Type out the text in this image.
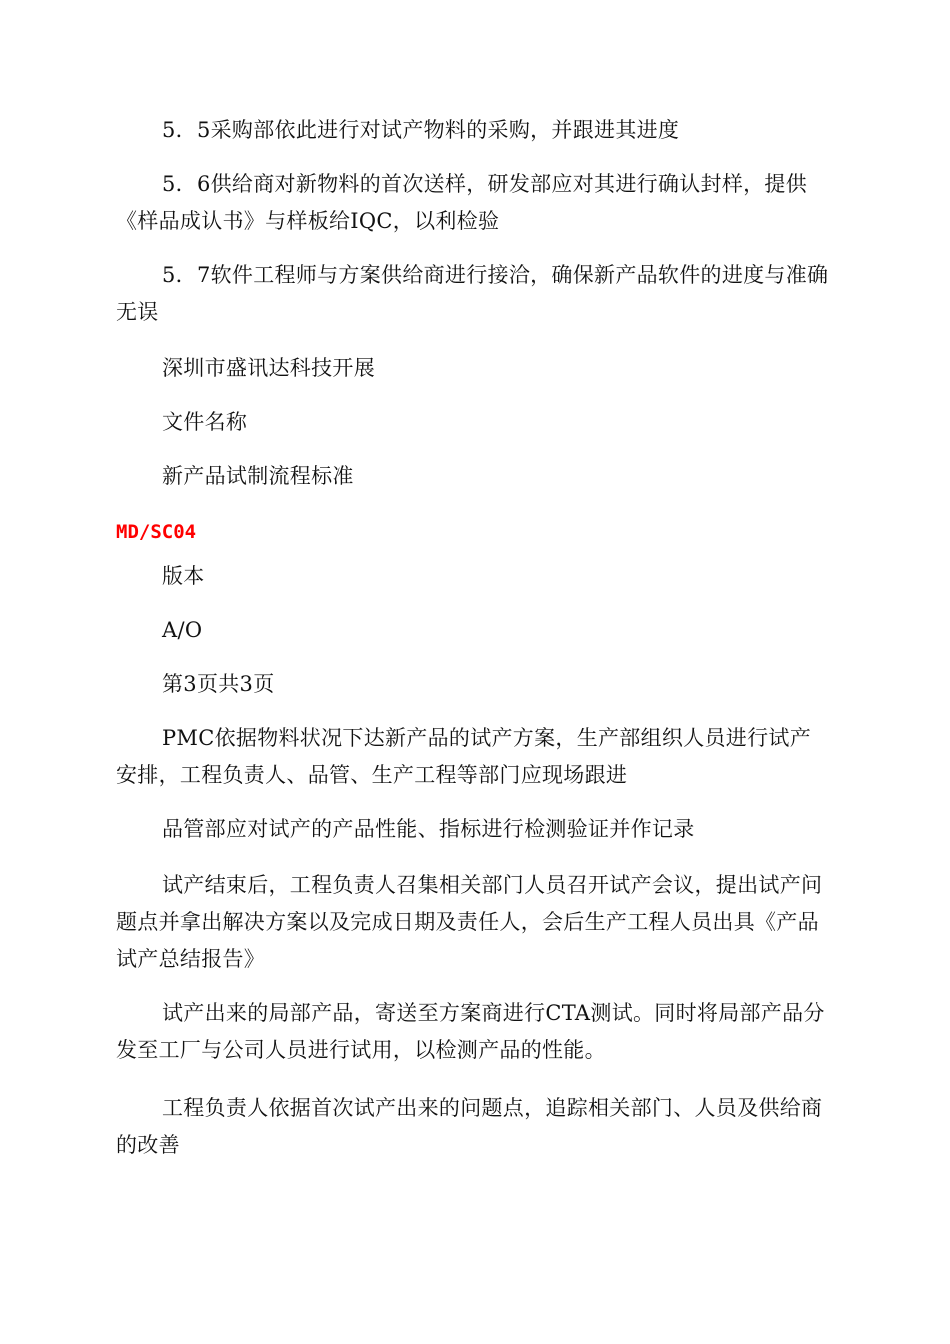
5．5采购部依此进行对试产物料的采购，并跟进其进度

5．6供给商对新物料的首次送样，研发部应对其进行确认封样，提供《样品成认书》与样板给IQC，以利检验

5．7软件工程师与方案供给商进行接洽，确保新产品软件的进度与准确无误

深圳市盛讯达科技开展

文件名称

新产品试制流程标准

MD/SC04

版本

A/O

第3页共3页

PMC依据物料状况下达新产品的试产方案，生产部组织人员进行试产安排，工程负责人、品管、生产工程等部门应现场跟进

品管部应对试产的产品性能、指标进行检测验证并作记录

试产结束后，工程负责人召集相关部门人员召开试产会议，提出试产问题点并拿出解决方案以及完成日期及责任人，会后生产工程人员出具《产品试产总结报告》

试产出来的局部产品，寄送至方案商进行CTA测试。同时将局部产品分发至工厂与公司人员进行试用，以检测产品的性能。

工程负责人依据首次试产出来的问题点，追踪相关部门、人员及供给商的改善
